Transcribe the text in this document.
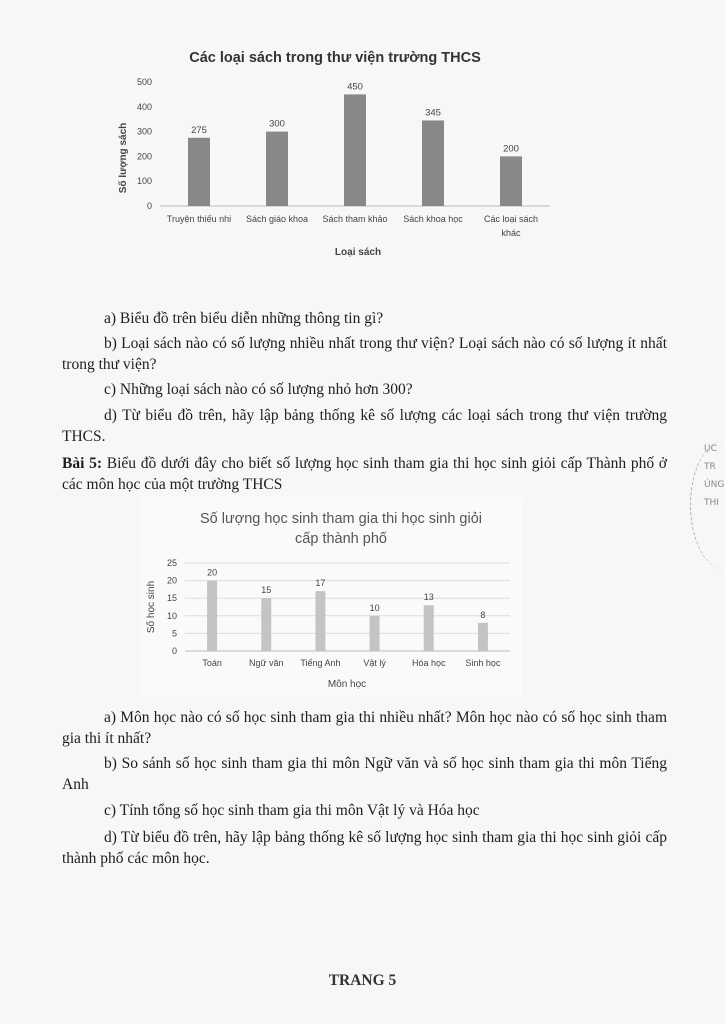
Các loại sách trong thư viện trường THCS
0
100
200
300
400
500
275
Truyện thiếu nhi
300
Sách giáo khoa
450
Sách tham khảo
345
Sách khoa học
200
Các loại sách
khác
Loại sách
Số lượng sách

a) Biểu đồ trên biểu diễn những thông tin gì?

b) Loại sách nào có số lượng nhiều nhất trong thư viện? Loại sách nào có số lượng ít nhất trong thư viện?

c) Những loại sách nào có số lượng nhỏ hơn 300?

d) Từ biểu đồ trên, hãy lập bảng thống kê số lượng các loại sách trong thư viện trường THCS.

Bài 5: Biểu đồ dưới đây cho biết số lượng học sinh tham gia thi học sinh giỏi cấp Thành phố ở các môn học của một trường THCS

Số lượng học sinh tham gia thi học sinh giỏi
cấp thành phố
0
5
10
15
20
25
20
Toán
15
Ngữ văn
17
Tiếng Anh
10
Vật lý
13
Hóa học
8
Sinh học
Môn học
Số học sinh

a) Môn học nào có số học sinh tham gia thi nhiều nhất? Môn học nào có số học sinh tham gia thi ít nhất?

b) So sánh số học sinh tham gia thi môn Ngữ văn và số học sinh tham gia thi môn Tiếng Anh

c) Tính tổng số học sinh tham gia thi môn Vật lý và Hóa học

d) Từ biểu đồ trên, hãy lập bảng thống kê số lượng học sinh tham gia thi học sinh giỏi cấp thành phố các môn học.

ỤC
TR
ÚNG
THI
TRANG 5
